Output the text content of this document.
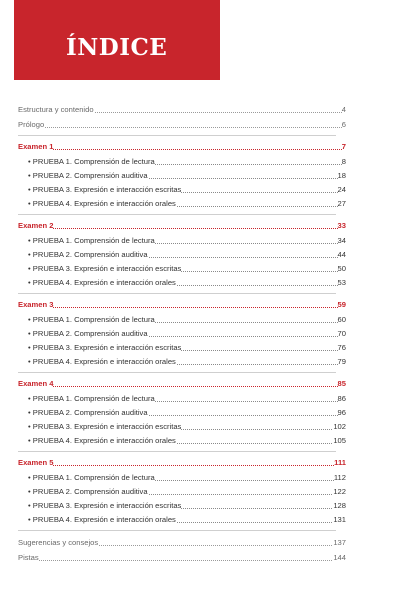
ÍNDICE
Estructura y contenido	4
Prólogo	6
Examen 1	7
• PRUEBA 1. Comprensión de lectura	8
• PRUEBA 2. Comprensión auditiva	18
• PRUEBA 3. Expresión e interacción escritas	24
• PRUEBA 4. Expresión e interacción orales	27
Examen 2	33
• PRUEBA 1. Comprensión de lectura	34
• PRUEBA 2. Comprensión auditiva	44
• PRUEBA 3. Expresión e interacción escritas	50
• PRUEBA 4. Expresión e interacción orales	53
Examen 3	59
• PRUEBA 1. Comprensión de lectura	60
• PRUEBA 2. Comprensión auditiva	70
• PRUEBA 3. Expresión e interacción escritas	76
• PRUEBA 4. Expresión e interacción orales	79
Examen 4	85
• PRUEBA 1. Comprensión de lectura	86
• PRUEBA 2. Comprensión auditiva	96
• PRUEBA 3. Expresión e interacción escritas	102
• PRUEBA 4. Expresión e interacción orales	105
Examen 5	111
• PRUEBA 1. Comprensión de lectura	112
• PRUEBA 2. Comprensión auditiva	122
• PRUEBA 3. Expresión e interacción escritas	128
• PRUEBA 4. Expresión e interacción orales	131
Sugerencias y consejos	137
Pistas	144
